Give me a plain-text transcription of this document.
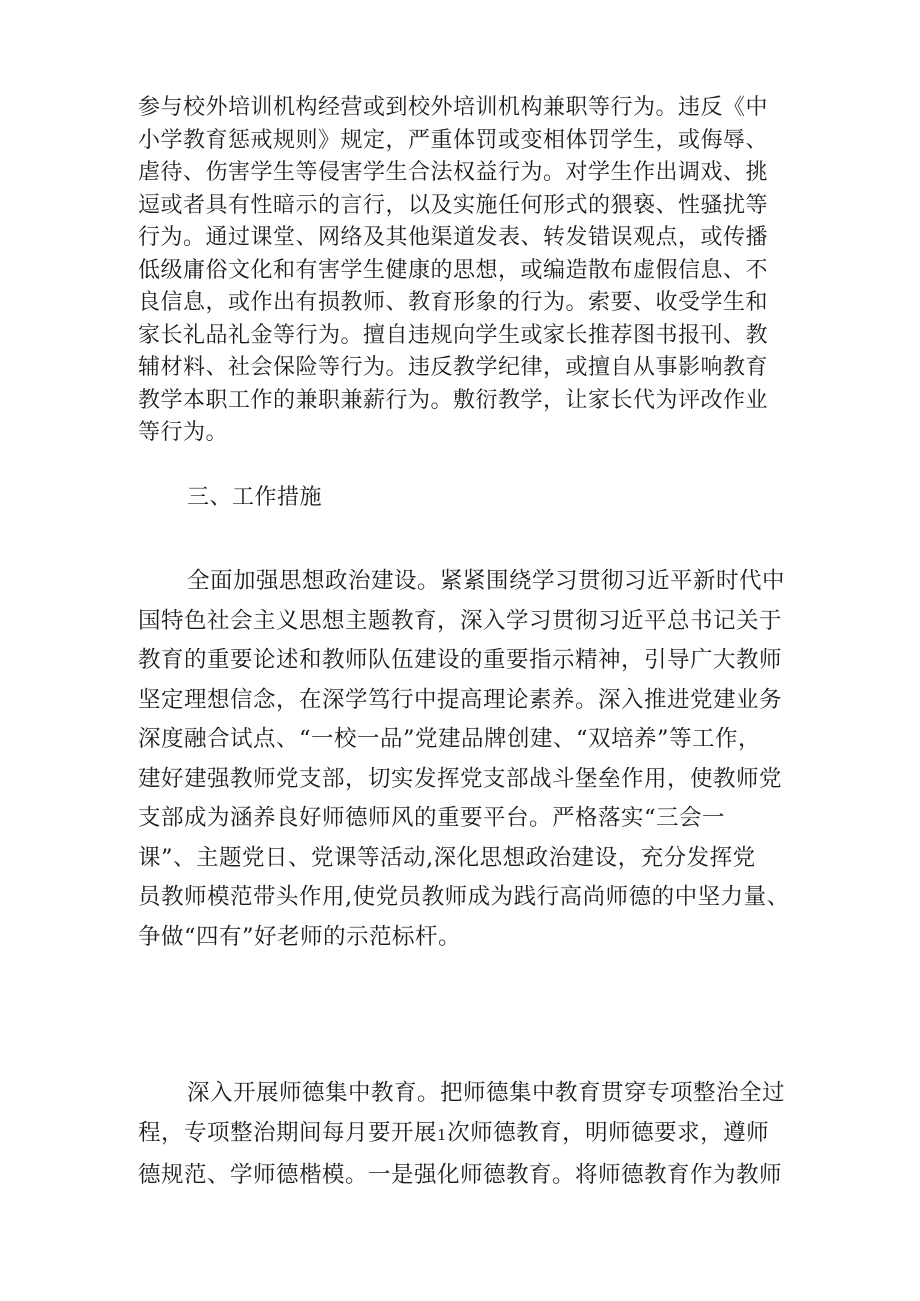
参与校外培训机构经营或到校外培训机构兼职等行为。违反《中
小学教育惩戒规则》规定，严重体罚或变相体罚学生，或侮辱、
虐待、伤害学生等侵害学生合法权益行为。对学生作出调戏、挑
逗或者具有性暗示的言行，以及实施任何形式的猥亵、性骚扰等
行为。通过课堂、网络及其他渠道发表、转发错误观点，或传播
低级庸俗文化和有害学生健康的思想，或编造散布虚假信息、不
良信息，或作出有损教师、教育形象的行为。索要、收受学生和
家长礼品礼金等行为。擅自违规向学生或家长推荐图书报刊、教
辅材料、社会保险等行为。违反教学纪律，或擅自从事影响教育
教学本职工作的兼职兼薪行为。敷衍教学，让家长代为评改作业
等行为。
三、工作措施
全面加强思想政治建设。紧紧围绕学习贯彻习近平新时代中
国特色社会主义思想主题教育，深入学习贯彻习近平总书记关于
教育的重要论述和教师队伍建设的重要指示精神，引导广大教师
坚定理想信念，在深学笃行中提高理论素养。深入推进党建业务
深度融合试点、“一校一品”党建品牌创建、“双培养”等工作，
建好建强教师党支部，切实发挥党支部战斗堡垒作用，使教师党
支部成为涵养良好师德师风的重要平台。严格落实“三会一
课”、主题党日、党课等活动,深化思想政治建设，充分发挥党
员教师模范带头作用,使党员教师成为践行高尚师德的中坚力量、
争做“四有”好老师的示范标杆。
深入开展师德集中教育。把师德集中教育贯穿专项整治全过
程，专项整治期间每月要开展1次师德教育，明师德要求，遵师
德规范、学师德楷模。一是强化师德教育。将师德教育作为教师
